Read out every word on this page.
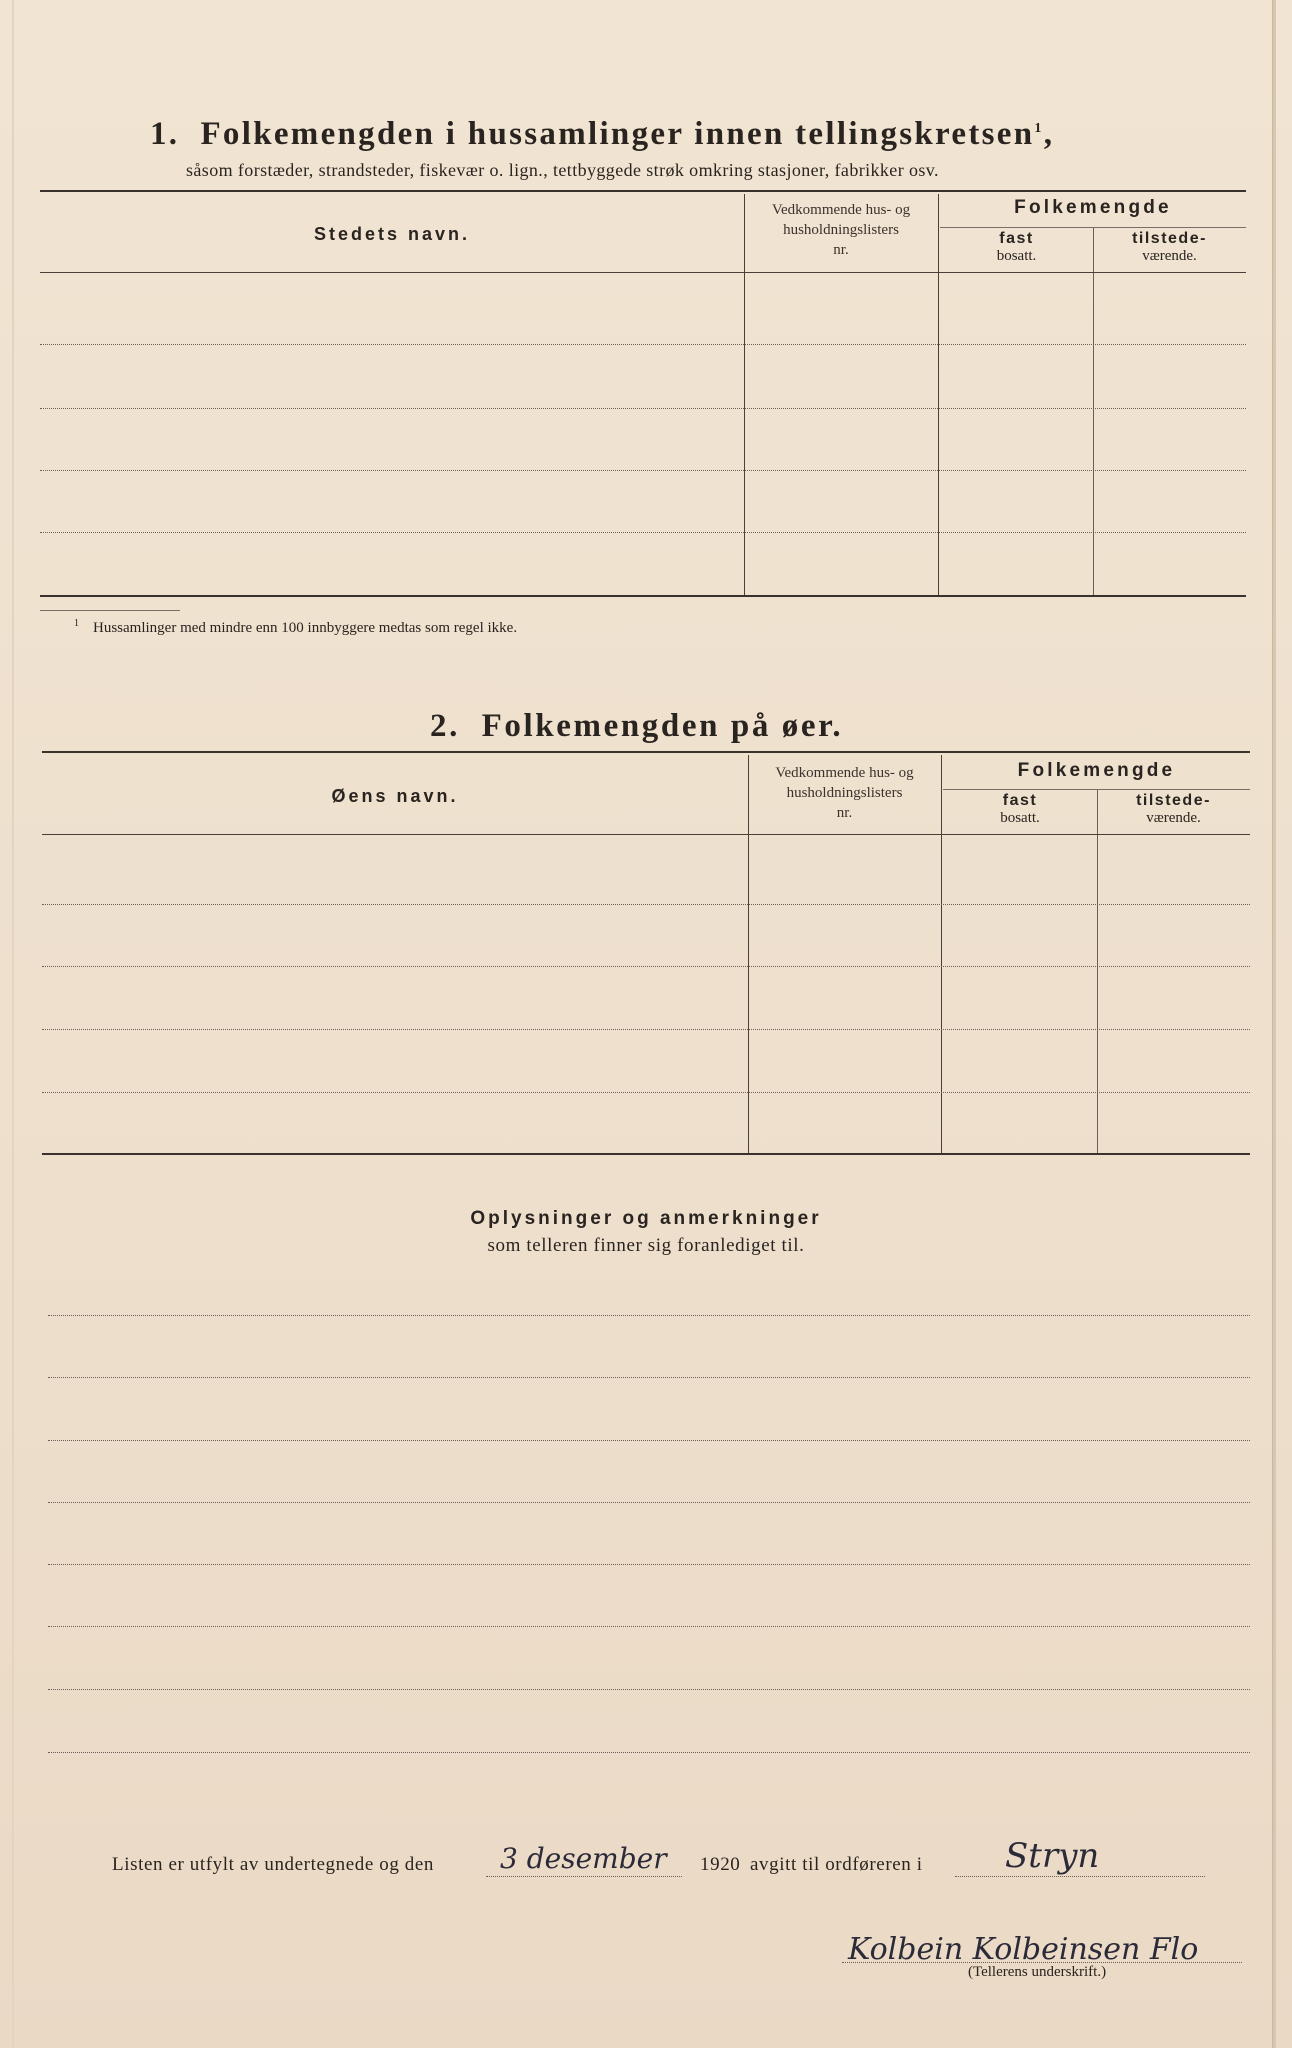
1. Folkemengden i hussamlinger innen tellingskretsen$^1$,
såsom forstæder, strandsteder, fiskevær o. lign., tettbyggede strøk omkring stasjoner, fabrikker osv.
Stedets navn.
Vedkommende hus- og
husholdningslisters
nr.
Folkemengde
fast
bosatt.
tilstede-
værende.
$^1$ Hussamlinger med mindre enn 100 innbyggere medtas som regel ikke.
2. Folkemengden på øer.
Øens navn.
Vedkommende hus- og
husholdningslisters
nr.
Folkemengde
fast
bosatt.
tilstede-
værende.
Oplysninger og anmerkninger
som telleren finner sig foranlediget til.
Listen er utfylt av undertegnede og den 3 desember 1920 avgitt til ordføreren i Stryn
Kolbein Kolbeinsen Flo
(Tellerens underskrift.)
